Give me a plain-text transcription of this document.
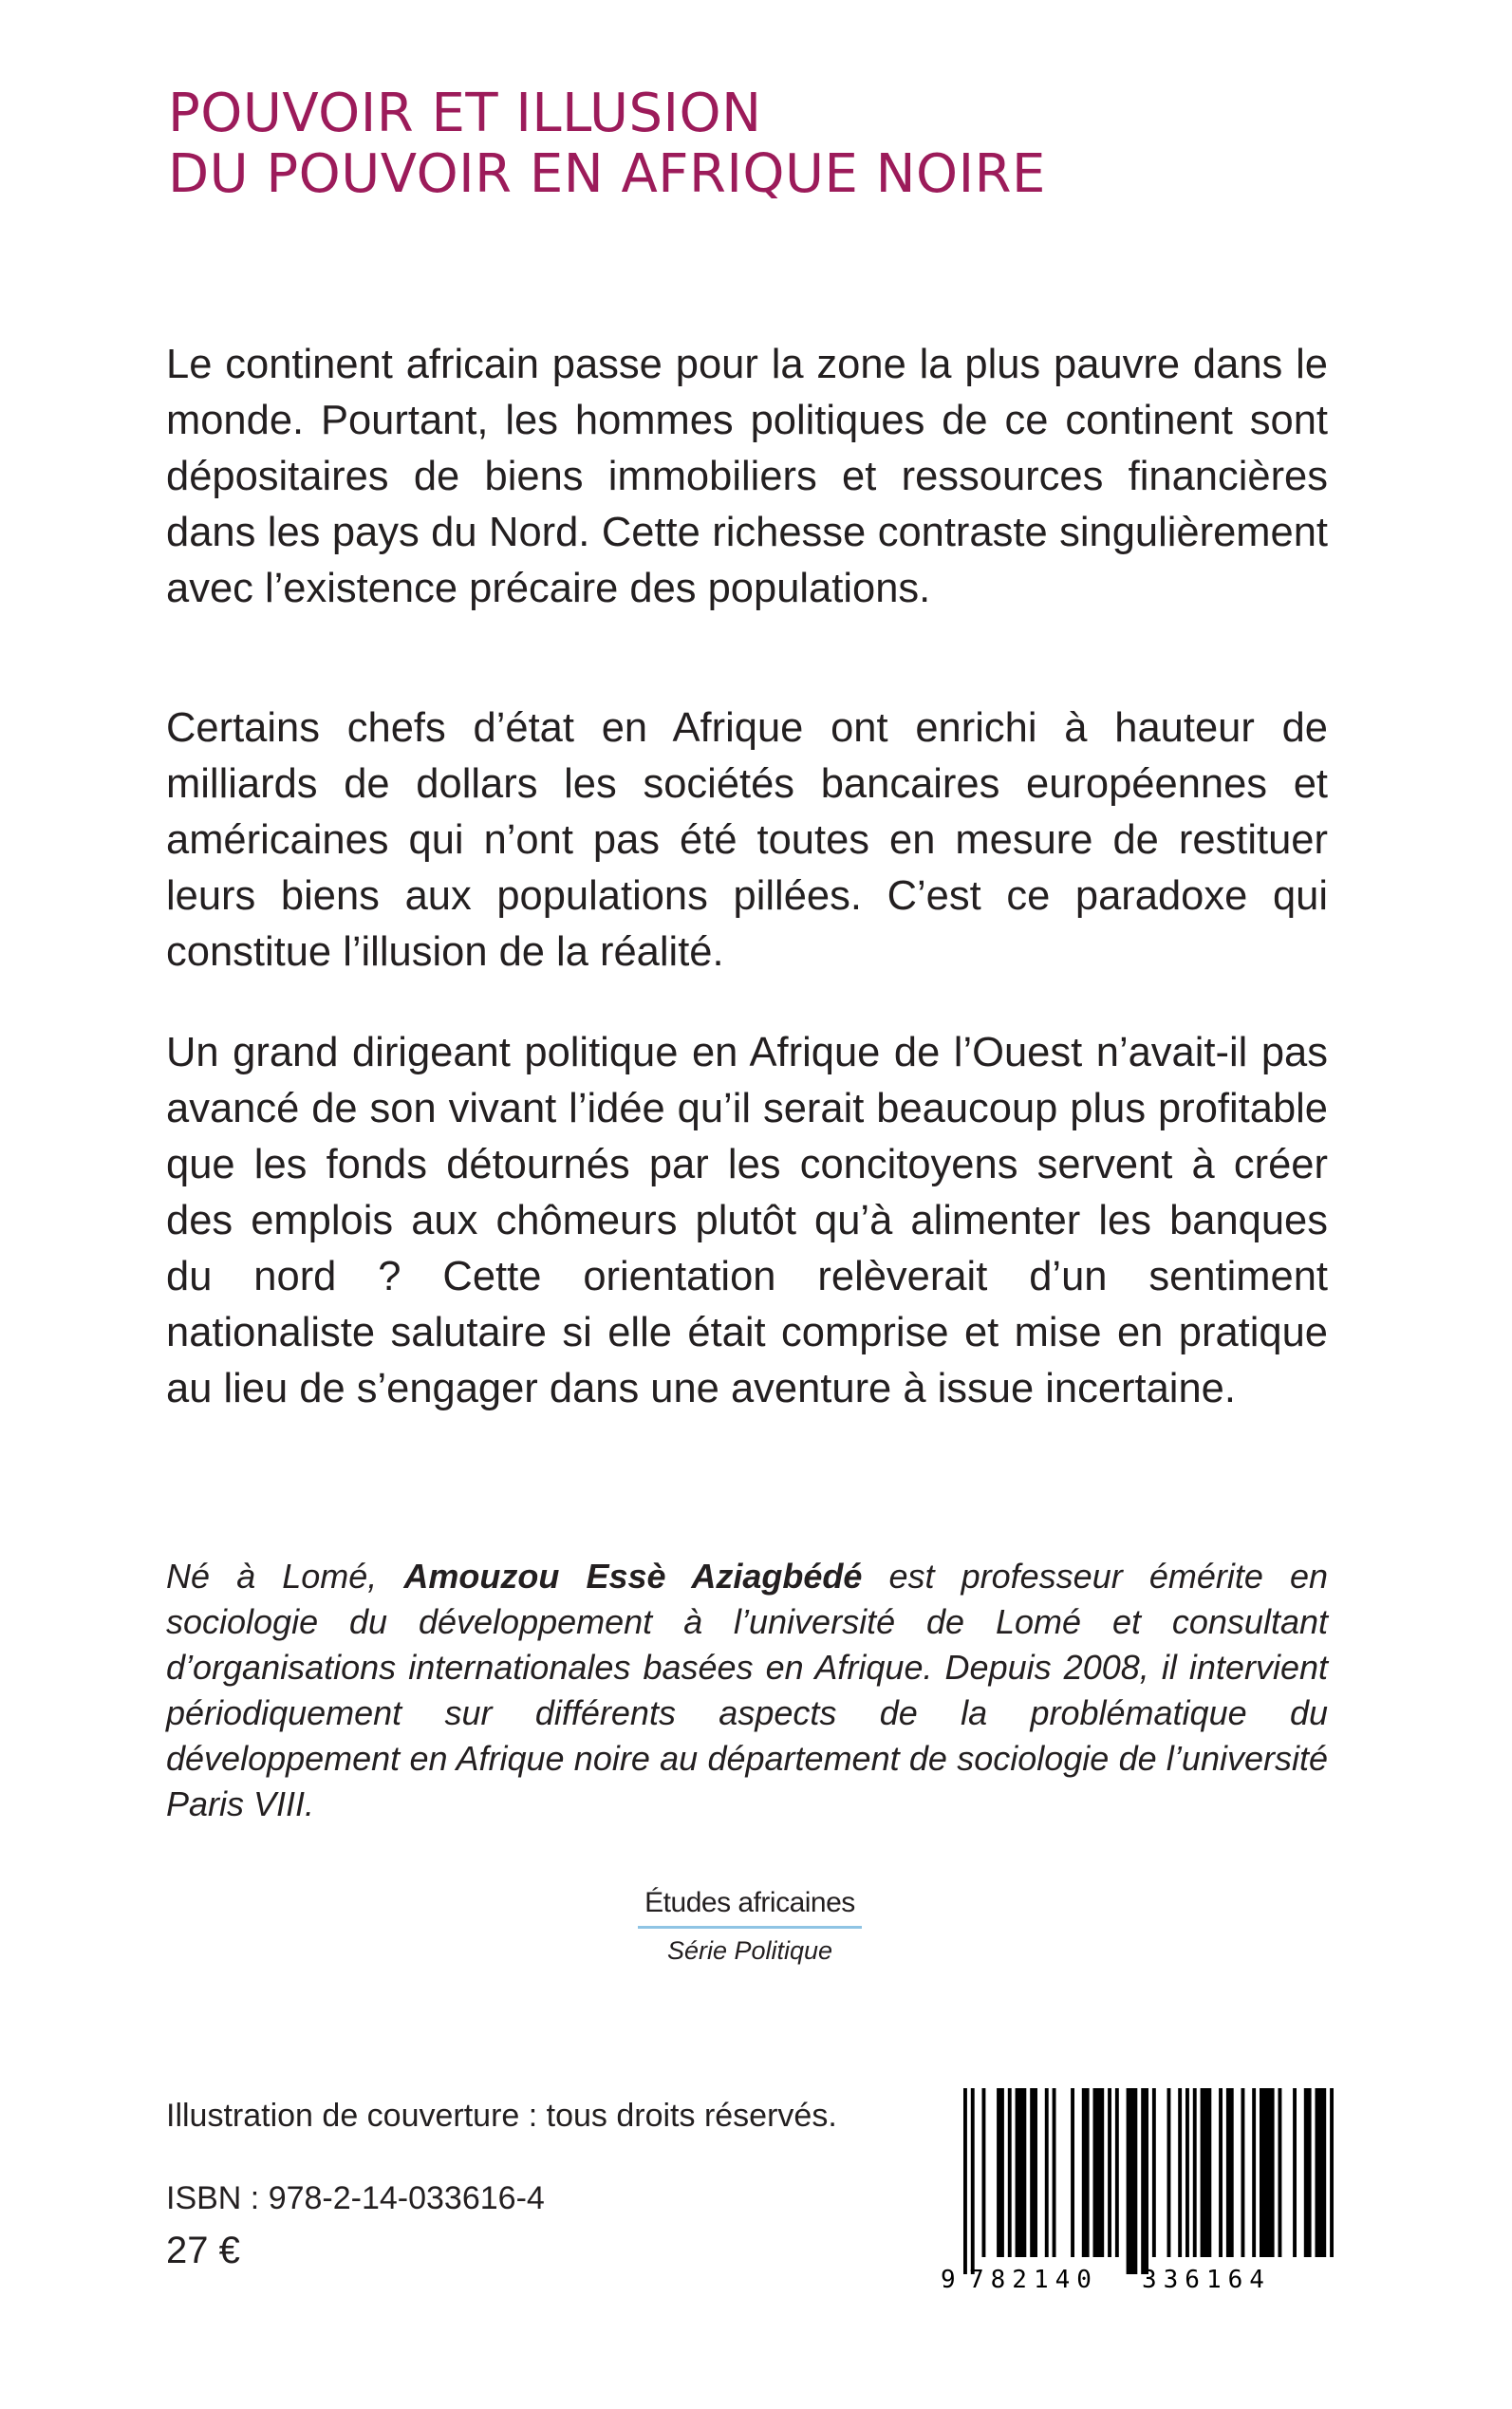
POUVOIR ET ILLUSION
DU POUVOIR EN AFRIQUE NOIRE

Le continent africain passe pour la zone la plus pauvre dans le monde. Pourtant, les hommes politiques de ce continent sont dépositaires de biens immobiliers et ressources financières dans les pays du Nord. Cette richesse contraste singulièrement avec l’existence précaire des populations.

Certains chefs d’état en Afrique ont enrichi à hauteur de milliards de dollars les sociétés bancaires européennes et américaines qui n’ont pas été toutes en mesure de restituer leurs biens aux populations pillées. C’est ce paradoxe qui constitue l’illusion de la réalité.

Un grand dirigeant politique en Afrique de l’Ouest n’avait-il pas avancé de son vivant l’idée qu’il serait beaucoup plus profitable que les fonds détournés par les concitoyens servent à créer des emplois aux chômeurs plutôt qu’à alimenter les banques du nord ? Cette orientation relèverait d’un sentiment nationaliste salutaire si elle était comprise et mise en pratique au lieu de s’engager dans une aventure à issue incertaine.

Né à Lomé, Amouzou Essè Aziagbédé est professeur émérite en sociologie du développement à l’université de Lomé et consultant d’organisations internationales basées en Afrique. Depuis 2008, il intervient périodiquement sur différents aspects de la problématique du développement en Afrique noire au département de sociologie de l’université Paris VIII.

Études africaines
Série Politique

Illustration de couverture : tous droits réservés.

ISBN : 978-2-14-033616-4

27 €

9 782140 336164
